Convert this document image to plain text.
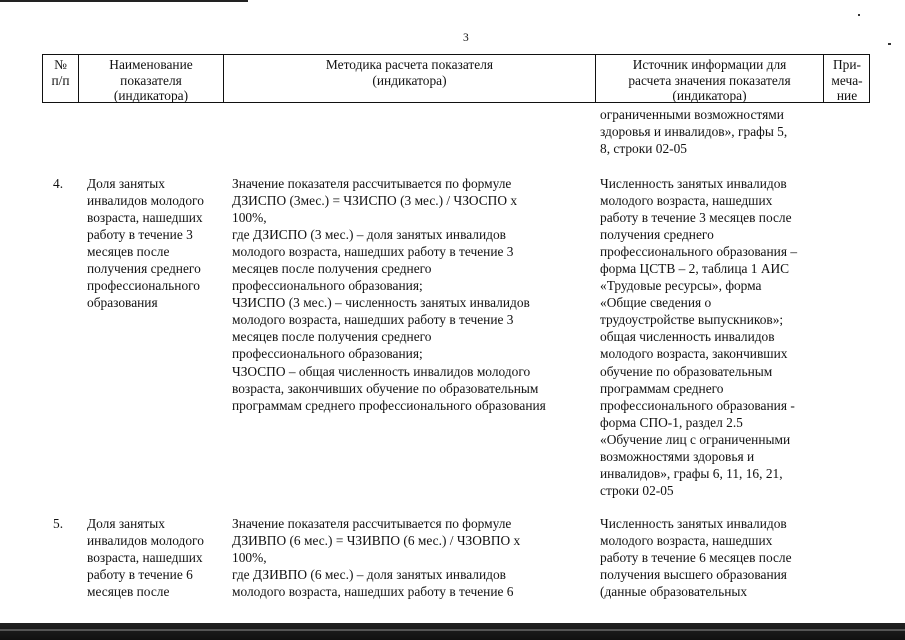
3
№
п/п
Наименование
показателя
(индикатора)
Методика расчета показателя
(индикатора)
Источник информации для
расчета значения показателя
(индикатора)
При-
меча-
ние
ограниченными возможностями
здоровья и инвалидов», графы 5,
8, строки 02-05
4. Доля занятых
инвалидов молодого
возраста, нашедших
работу в течение 3
месяцев после
получения среднего
профессионального
образования
Значение показателя рассчитывается по формуле
ДЗИСПО (3мес.) = ЧЗИСПО (3 мес.) / ЧЗОСПО х
100%,
где ДЗИСПО (3 мес.) – доля занятых инвалидов
молодого возраста, нашедших работу в течение 3
месяцев после получения среднего
профессионального образования;
ЧЗИСПО (3 мес.) – численность занятых инвалидов
молодого возраста, нашедших работу в течение 3
месяцев после получения среднего
профессионального образования;
ЧЗОСПО – общая численность инвалидов молодого
возраста, закончивших обучение по образовательным
программам среднего профессионального образования
Численность занятых инвалидов
молодого возраста, нашедших
работу в течение 3 месяцев после
получения среднего
профессионального образования –
форма ЦСТВ – 2, таблица 1 АИС
«Трудовые ресурсы», форма
«Общие сведения о
трудоустройстве выпускников»;
общая численность инвалидов
молодого возраста, закончивших
обучение по образовательным
программам среднего
профессионального образования -
форма СПО-1, раздел 2.5
«Обучение лиц с ограниченными
возможностями здоровья и
инвалидов», графы 6, 11, 16, 21,
строки 02-05
5. Доля занятых
инвалидов молодого
возраста, нашедших
работу в течение 6
месяцев после
Значение показателя рассчитывается по формуле
ДЗИВПО (6 мес.) = ЧЗИВПО (6 мес.) / ЧЗОВПО х
100%,
где ДЗИВПО (6 мес.) – доля занятых инвалидов
молодого возраста, нашедших работу в течение 6
Численность занятых инвалидов
молодого возраста, нашедших
работу в течение 6 месяцев после
получения высшего образования
(данные образовательных
